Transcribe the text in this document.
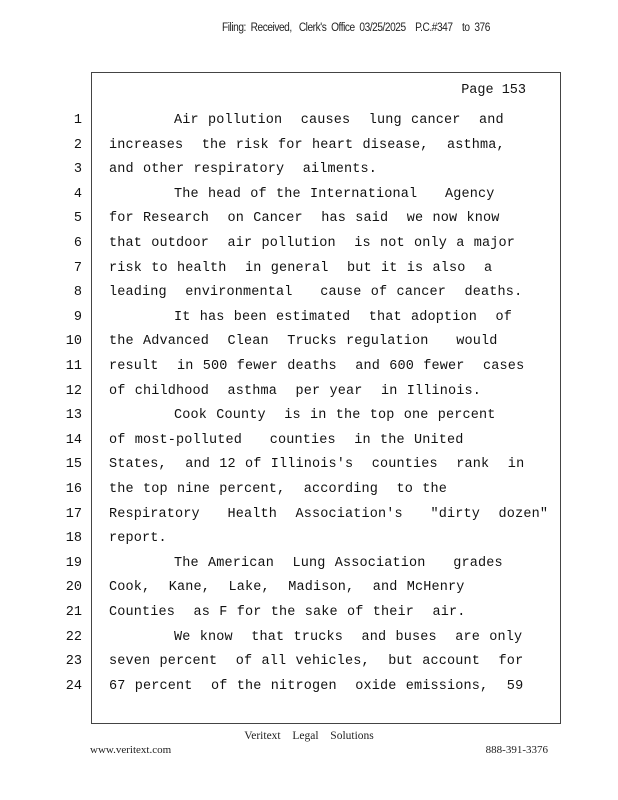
Filing:  Received,   Clerk's  Office  03/25/2025    P.C.#347    to  376
Page 153
1	Air pollution  causes  lung cancer  and
2 increases  the risk for heart disease,  asthma,
3 and other respiratory  ailments.
4	The head of the International   Agency
5 for Research  on Cancer  has said  we now know
6 that outdoor  air pollution  is not only a major
7 risk to health  in general  but it is also  a
8 leading  environmental   cause of cancer  deaths.
9	It has been estimated  that adoption  of
10 the Advanced  Clean  Trucks regulation   would
11 result  in 500 fewer deaths  and 600 fewer  cases
12 of childhood  asthma  per year  in Illinois.
13	Cook County  is in the top one percent
14 of most-polluted   counties  in the United
15 States,  and 12 of Illinois's  counties  rank  in
16 the top nine percent,  according  to the
17 Respiratory   Health  Association's   "dirty  dozen"
18 report.
19	The American  Lung Association   grades
20 Cook,  Kane,  Lake,  Madison,  and McHenry
21 Counties  as F for the sake of their  air.
22	We know  that trucks  and buses  are only
23 seven percent  of all vehicles,  but account  for
24 67 percent  of the nitrogen  oxide emissions,  59
Veritext  Legal  Solutions
www.veritext.com	888-391-3376
